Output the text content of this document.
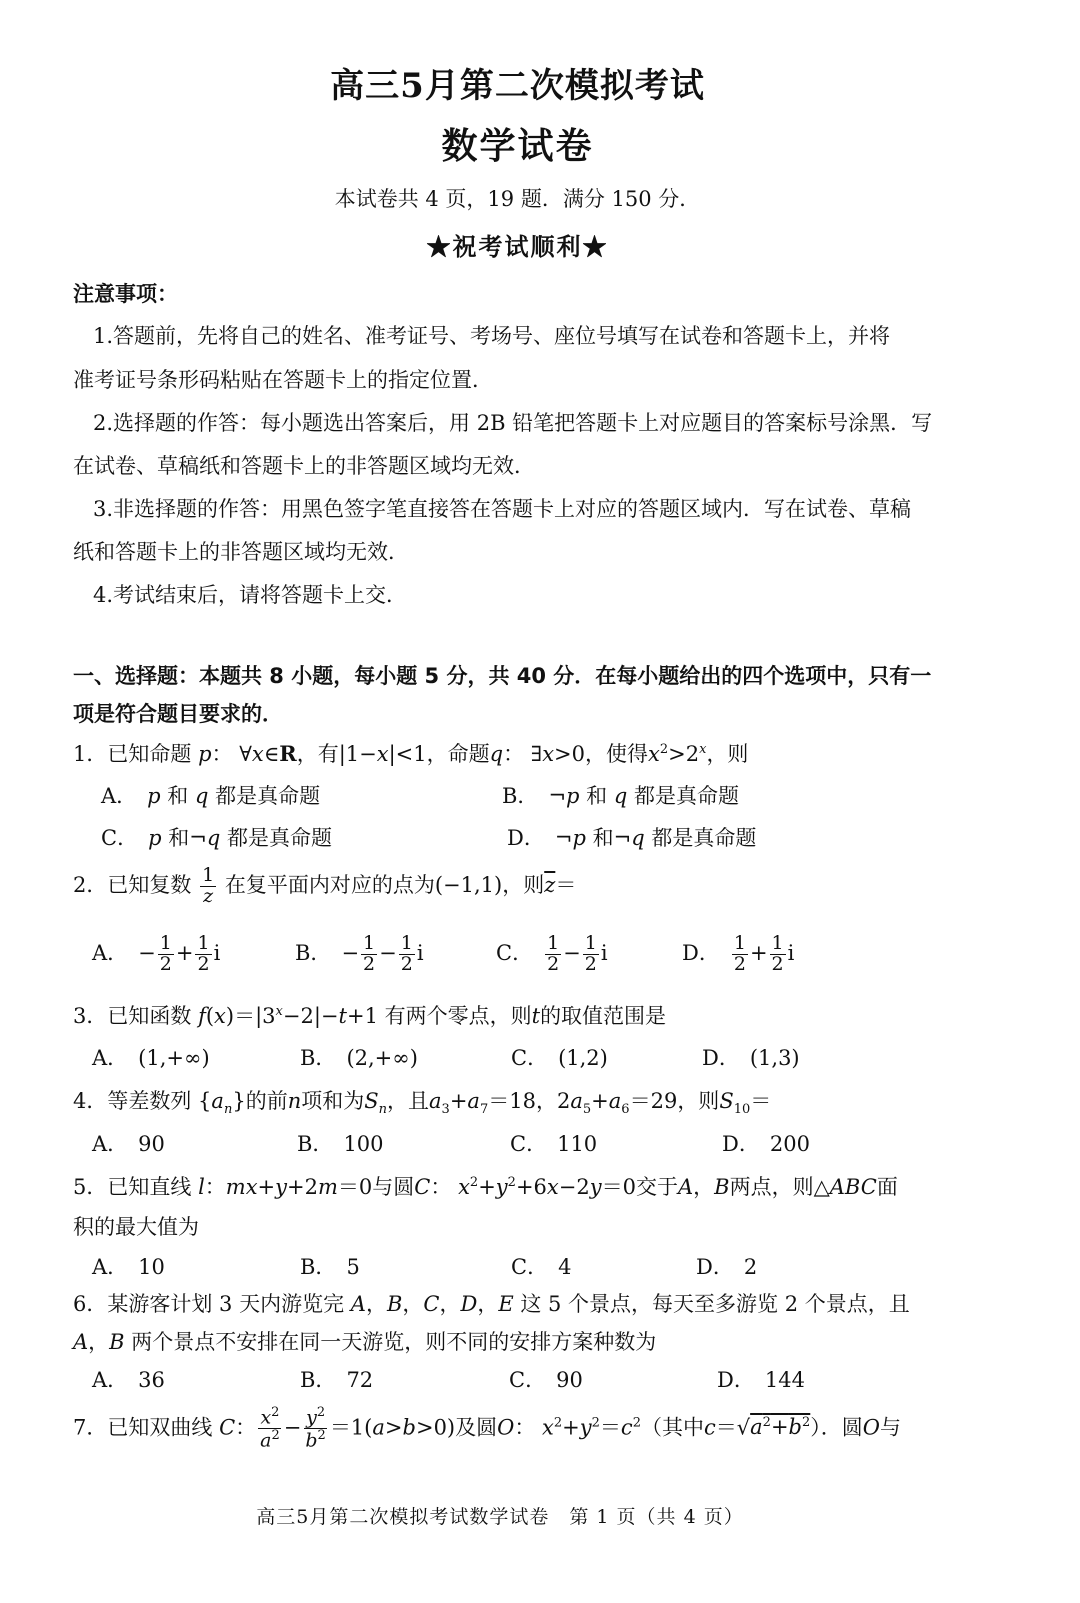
高三5月第二次模拟考试
数学试卷
本试卷共 4 页，19 题．满分 150 分．
★祝考试顺利★
注意事项：
1.答题前，先将自己的姓名、准考证号、考场号、座位号填写在试卷和答题卡上，并将
准考证号条形码粘贴在答题卡上的指定位置．
2.选择题的作答：每小题选出答案后，用 2B 铅笔把答题卡上对应题目的答案标号涂黑．写
在试卷、草稿纸和答题卡上的非答题区域均无效．
3.非选择题的作答：用黑色签字笔直接答在答题卡上对应的答题区域内．写在试卷、草稿
纸和答题卡上的非答题区域均无效．
4.考试结束后，请将答题卡上交．
一、选择题：本题共 8 小题，每小题 5 分，共 40 分．在每小题给出的四个选项中，只有一
项是符合题目要求的．
1．已知命题 p： ∀x∈R，有|1−x|<1，命题q： ∃x>0，使得$x^2>2^x$，则
A． p 和 q 都是真命题	B． ¬p 和 q 都是真命题
C． p 和¬q 都是真命题	D． ¬p 和¬q 都是真命题
2．已知复数 $\frac{1}{z}$ 在复平面内对应的点为(−1,1)，则$\overline{z}=$
A． − $\frac{1}{2} + \frac{1}{2}$ i	B． − $\frac{1}{2} - \frac{1}{2}$ i	C． $\frac{1}{2} - \frac{1}{2}$ i	D． $\frac{1}{2} + \frac{1}{2}$ i
3．已知函数 $f(x)=|3^x-2|-t+1$ 有两个零点，则t的取值范围是
A． (1,+∞)	B． (2,+∞)	C． (1,2)	D． (1,3)
4．等差数列 $\{a_n\}$的前n项和为$S_n$，且$a_3+a_7=18$，$2a_5+a_6=29$，则$S_{10}=$
A． 90	B． 100	C． 110	D． 200
5．已知直线 l：mx+y+2m＝0与圆C： $x^2+y^2+6x-2y=0$交于A，B两点，则△ABC面
积的最大值为
A． 10	B． 5	C． 4	D． 2
6．某游客计划 3 天内游览完 A，B，C，D，E 这 5 个景点，每天至多游览 2 个景点，且
A，B 两个景点不安排在同一天游览，则不同的安排方案种数为
A． 36	B． 72	C． 90	D． 144
7．已知双曲线 C： $\frac{x^2}{a^2} - \frac{y^2}{b^2} =1(a>b>0)$及圆O： $x^2+y^2=c^2$（其中$c=√a^2+b^2$）．圆O与
高三5月第二次模拟考试数学试卷　第 1 页（共 4 页）
